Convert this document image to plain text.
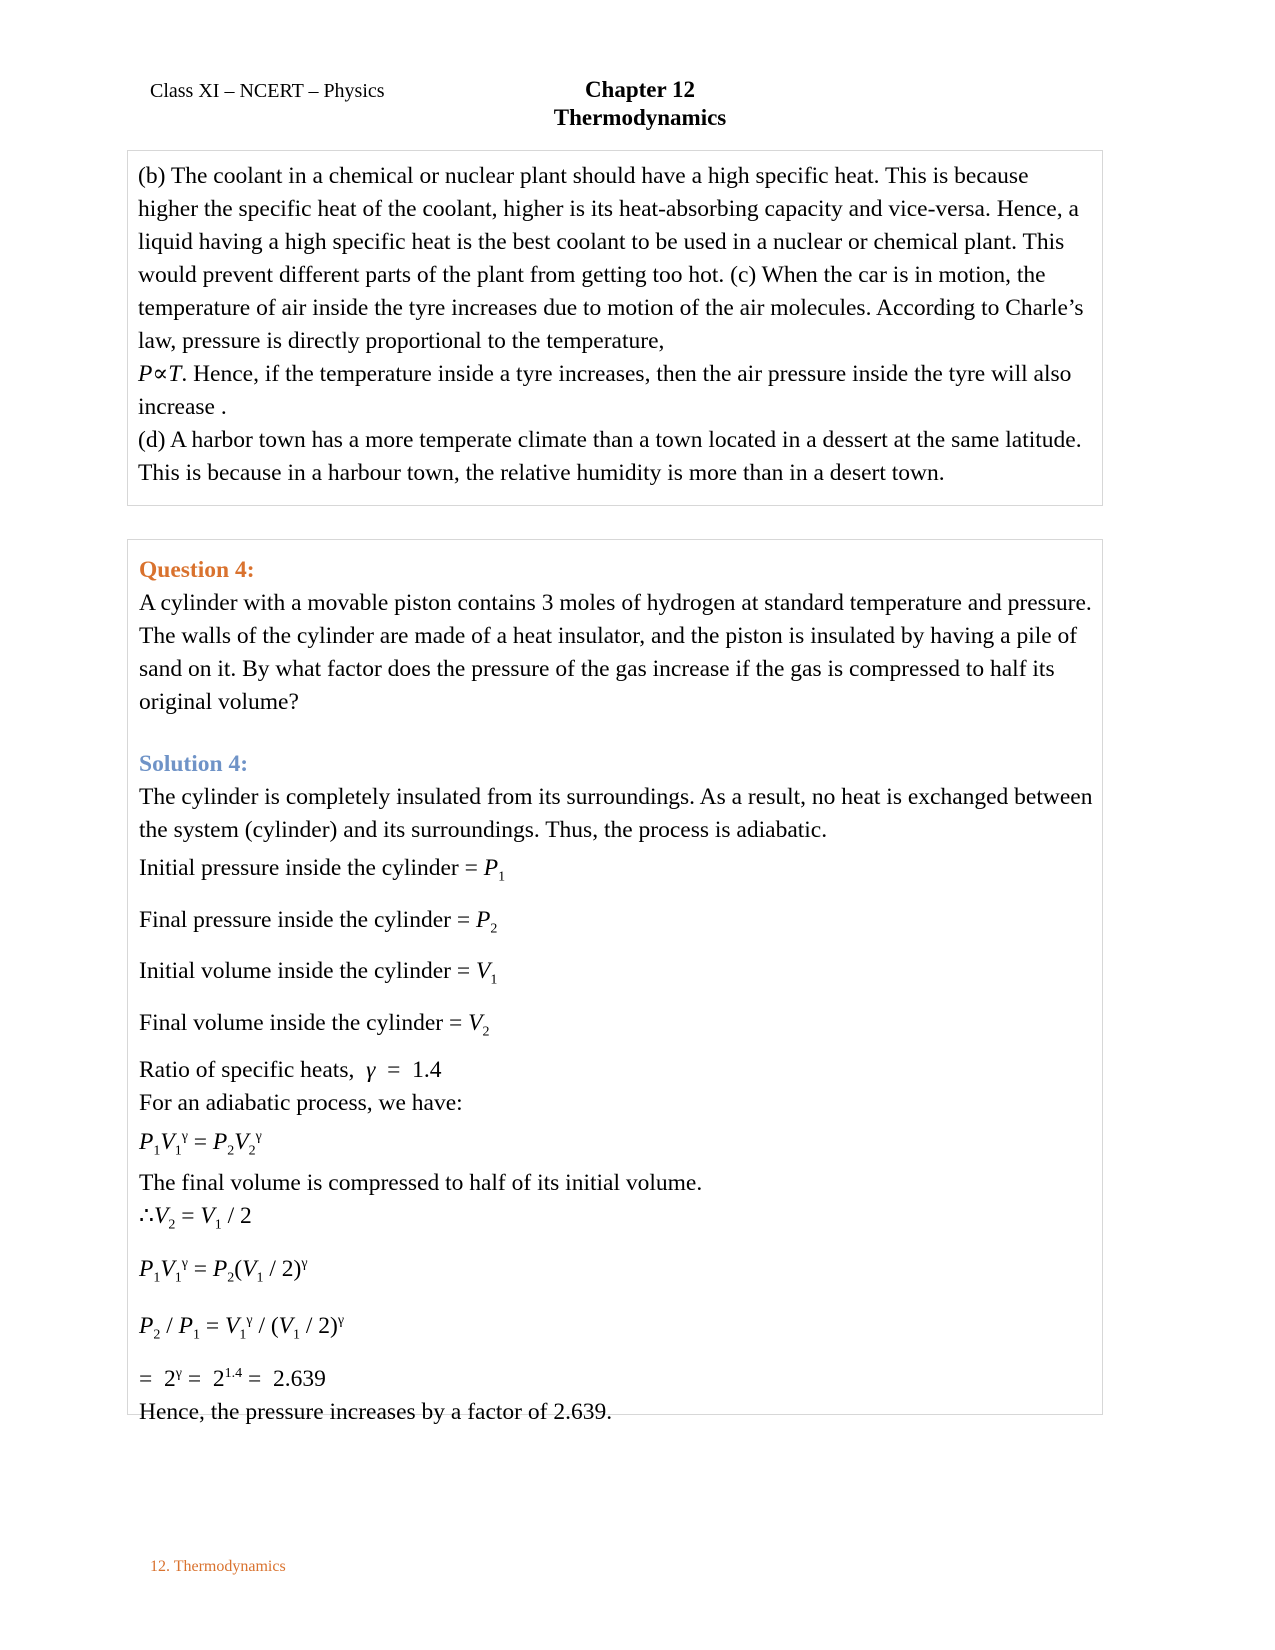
Class XI – NCERT – Physics	Chapter 12
Thermodynamics

(b) The coolant in a chemical or nuclear plant should have a high specific heat. This is because higher the specific heat of the coolant, higher is its heat-absorbing capacity and vice-versa. Hence, a liquid having a high specific heat is the best coolant to be used in a nuclear or chemical plant. This would prevent different parts of the plant from getting too hot. (c) When the car is in motion, the temperature of air inside the tyre increases due to motion of the air molecules. According to Charle’s law, pressure is directly proportional to the temperature,
P∝T. Hence, if the temperature inside a tyre increases, then the air pressure inside the tyre will also increase .

(d) A harbor town has a more temperate climate than a town located in a dessert at the same latitude. This is because in a harbour town, the relative humidity is more than in a desert town.

Question 4:

A cylinder with a movable piston contains 3 moles of hydrogen at standard temperature and pressure. The walls of the cylinder are made of a heat insulator, and the piston is insulated by having a pile of sand on it. By what factor does the pressure of the gas increase if the gas is compressed to half its original volume?

Solution 4:

The cylinder is completely insulated from its surroundings. As a result, no heat is exchanged between the system (cylinder) and its surroundings. Thus, the process is adiabatic.

Initial pressure inside the cylinder = $P_1$
Final pressure inside the cylinder = $P_2$
Initial volume inside the cylinder = $V_1$
Final volume inside the cylinder = $V_2$
Ratio of specific heats, γ  =  1.4
For an adiabatic process, we have:
$P_1V_1^\gamma = P_2V_2^\gamma$
The final volume is compressed to half of its initial volume.
$\therefore V_2 = V_1 / 2$
$P_1V_1^\gamma = P_2(V_1 / 2)^\gamma$
$P_2 / P_1 = V_1^\gamma / (V_1 / 2)^\gamma$
=  $2^\gamma = 2^{1.4} = 2.639$
Hence, the pressure increases by a factor of 2.639.
12. Thermodynamics
